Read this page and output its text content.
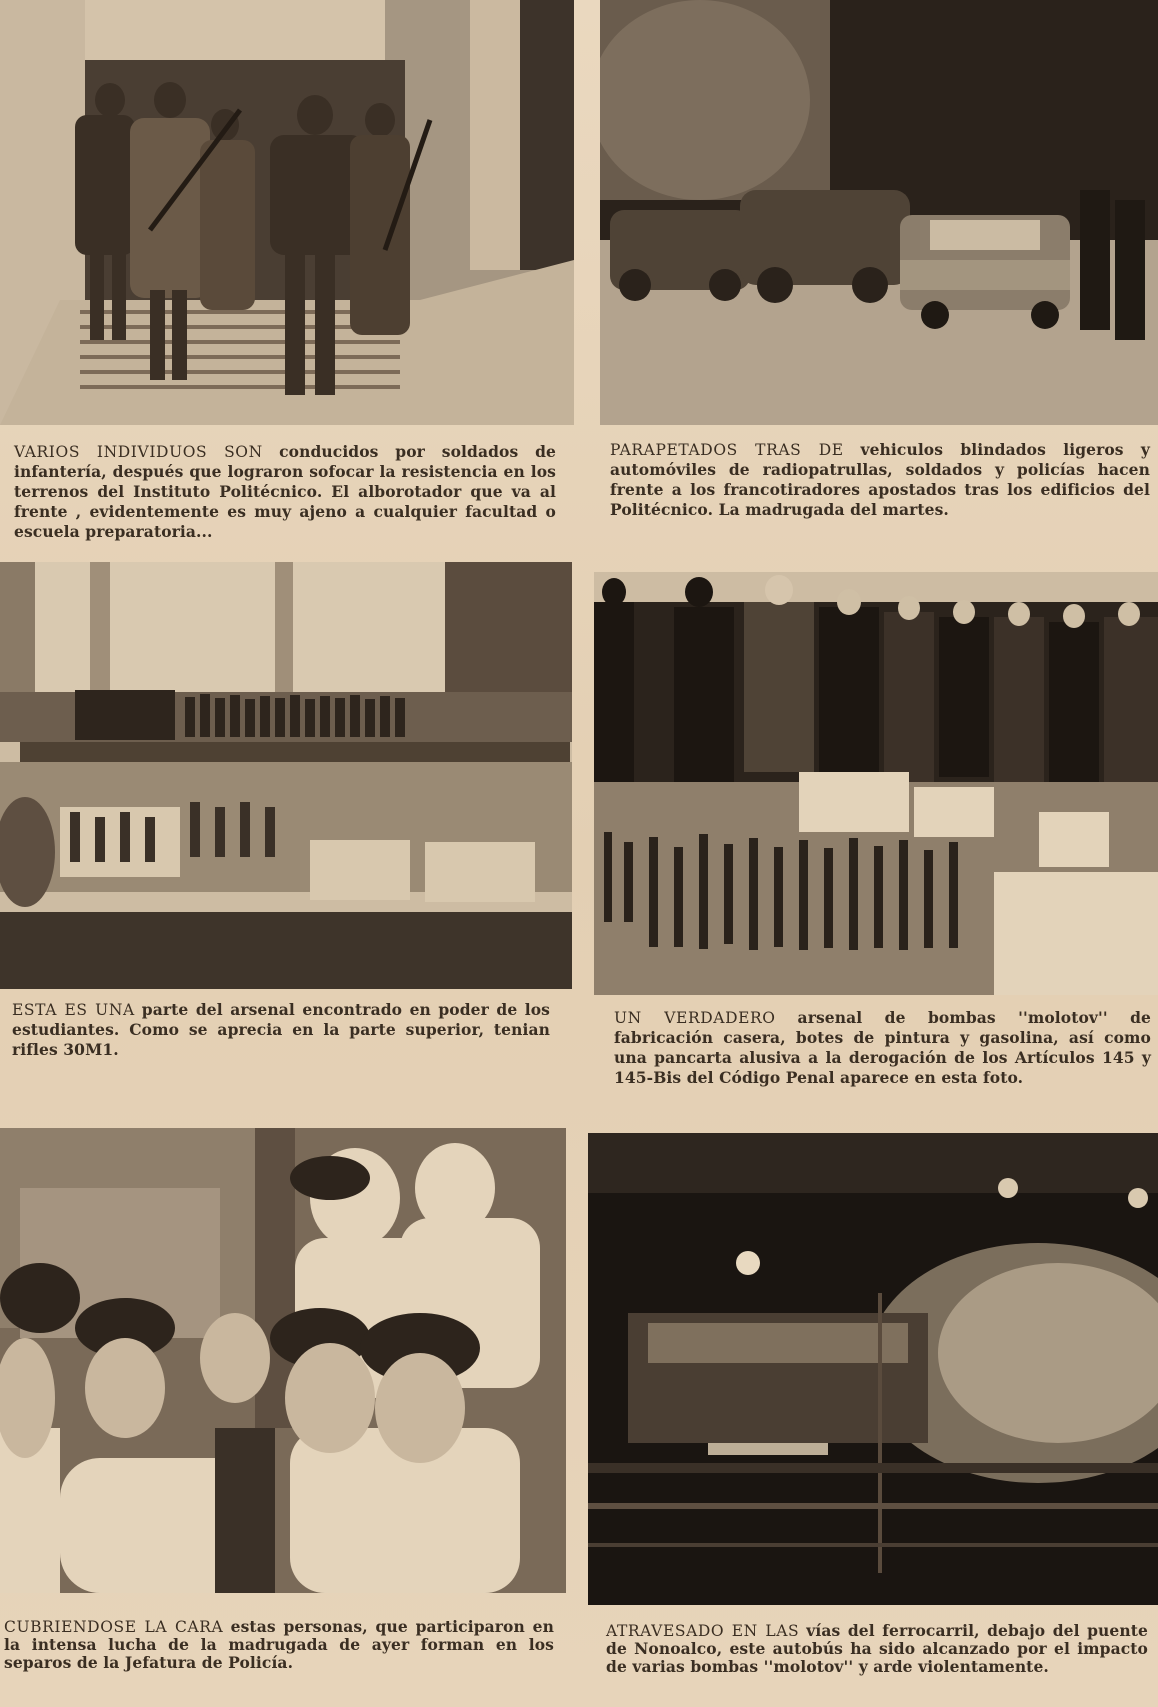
VARIOS INDIVIDUOS SON conducidos por soldados de infantería, después que lograron sofocar la resistencia en los terrenos del Instituto Politécnico. El alborotador que va al frente , evidentemente es muy ajeno a cualquier facultad o escuela preparatoria...
PARAPETADOS TRAS DE vehiculos blindados ligeros y automóviles de radiopatrullas, soldados y policías hacen frente a los francotiradores apostados tras los edificios del Politécnico. La madrugada del martes.
ESTA ES UNA parte del arsenal encontrado en poder de los estudiantes. Como se aprecia en la parte superior, tenian rifles 30M1.
UN VERDADERO arsenal de bombas ''molotov'' de fabricación casera, botes de pintura y gasolina, así como una pancarta alusiva a la derogación de los Artículos 145 y 145-Bis del Código Penal aparece en esta foto.
CUBRIENDOSE LA CARA estas personas, que participaron en la intensa lucha de la madrugada de ayer forman en los separos de la Jefatura de Policía.
ATRAVESADO EN LAS vías del ferrocarril, debajo del puente de Nonoalco, este autobús ha sido alcanzado por el impacto de varias bombas ''molotov'' y arde violentamente.
